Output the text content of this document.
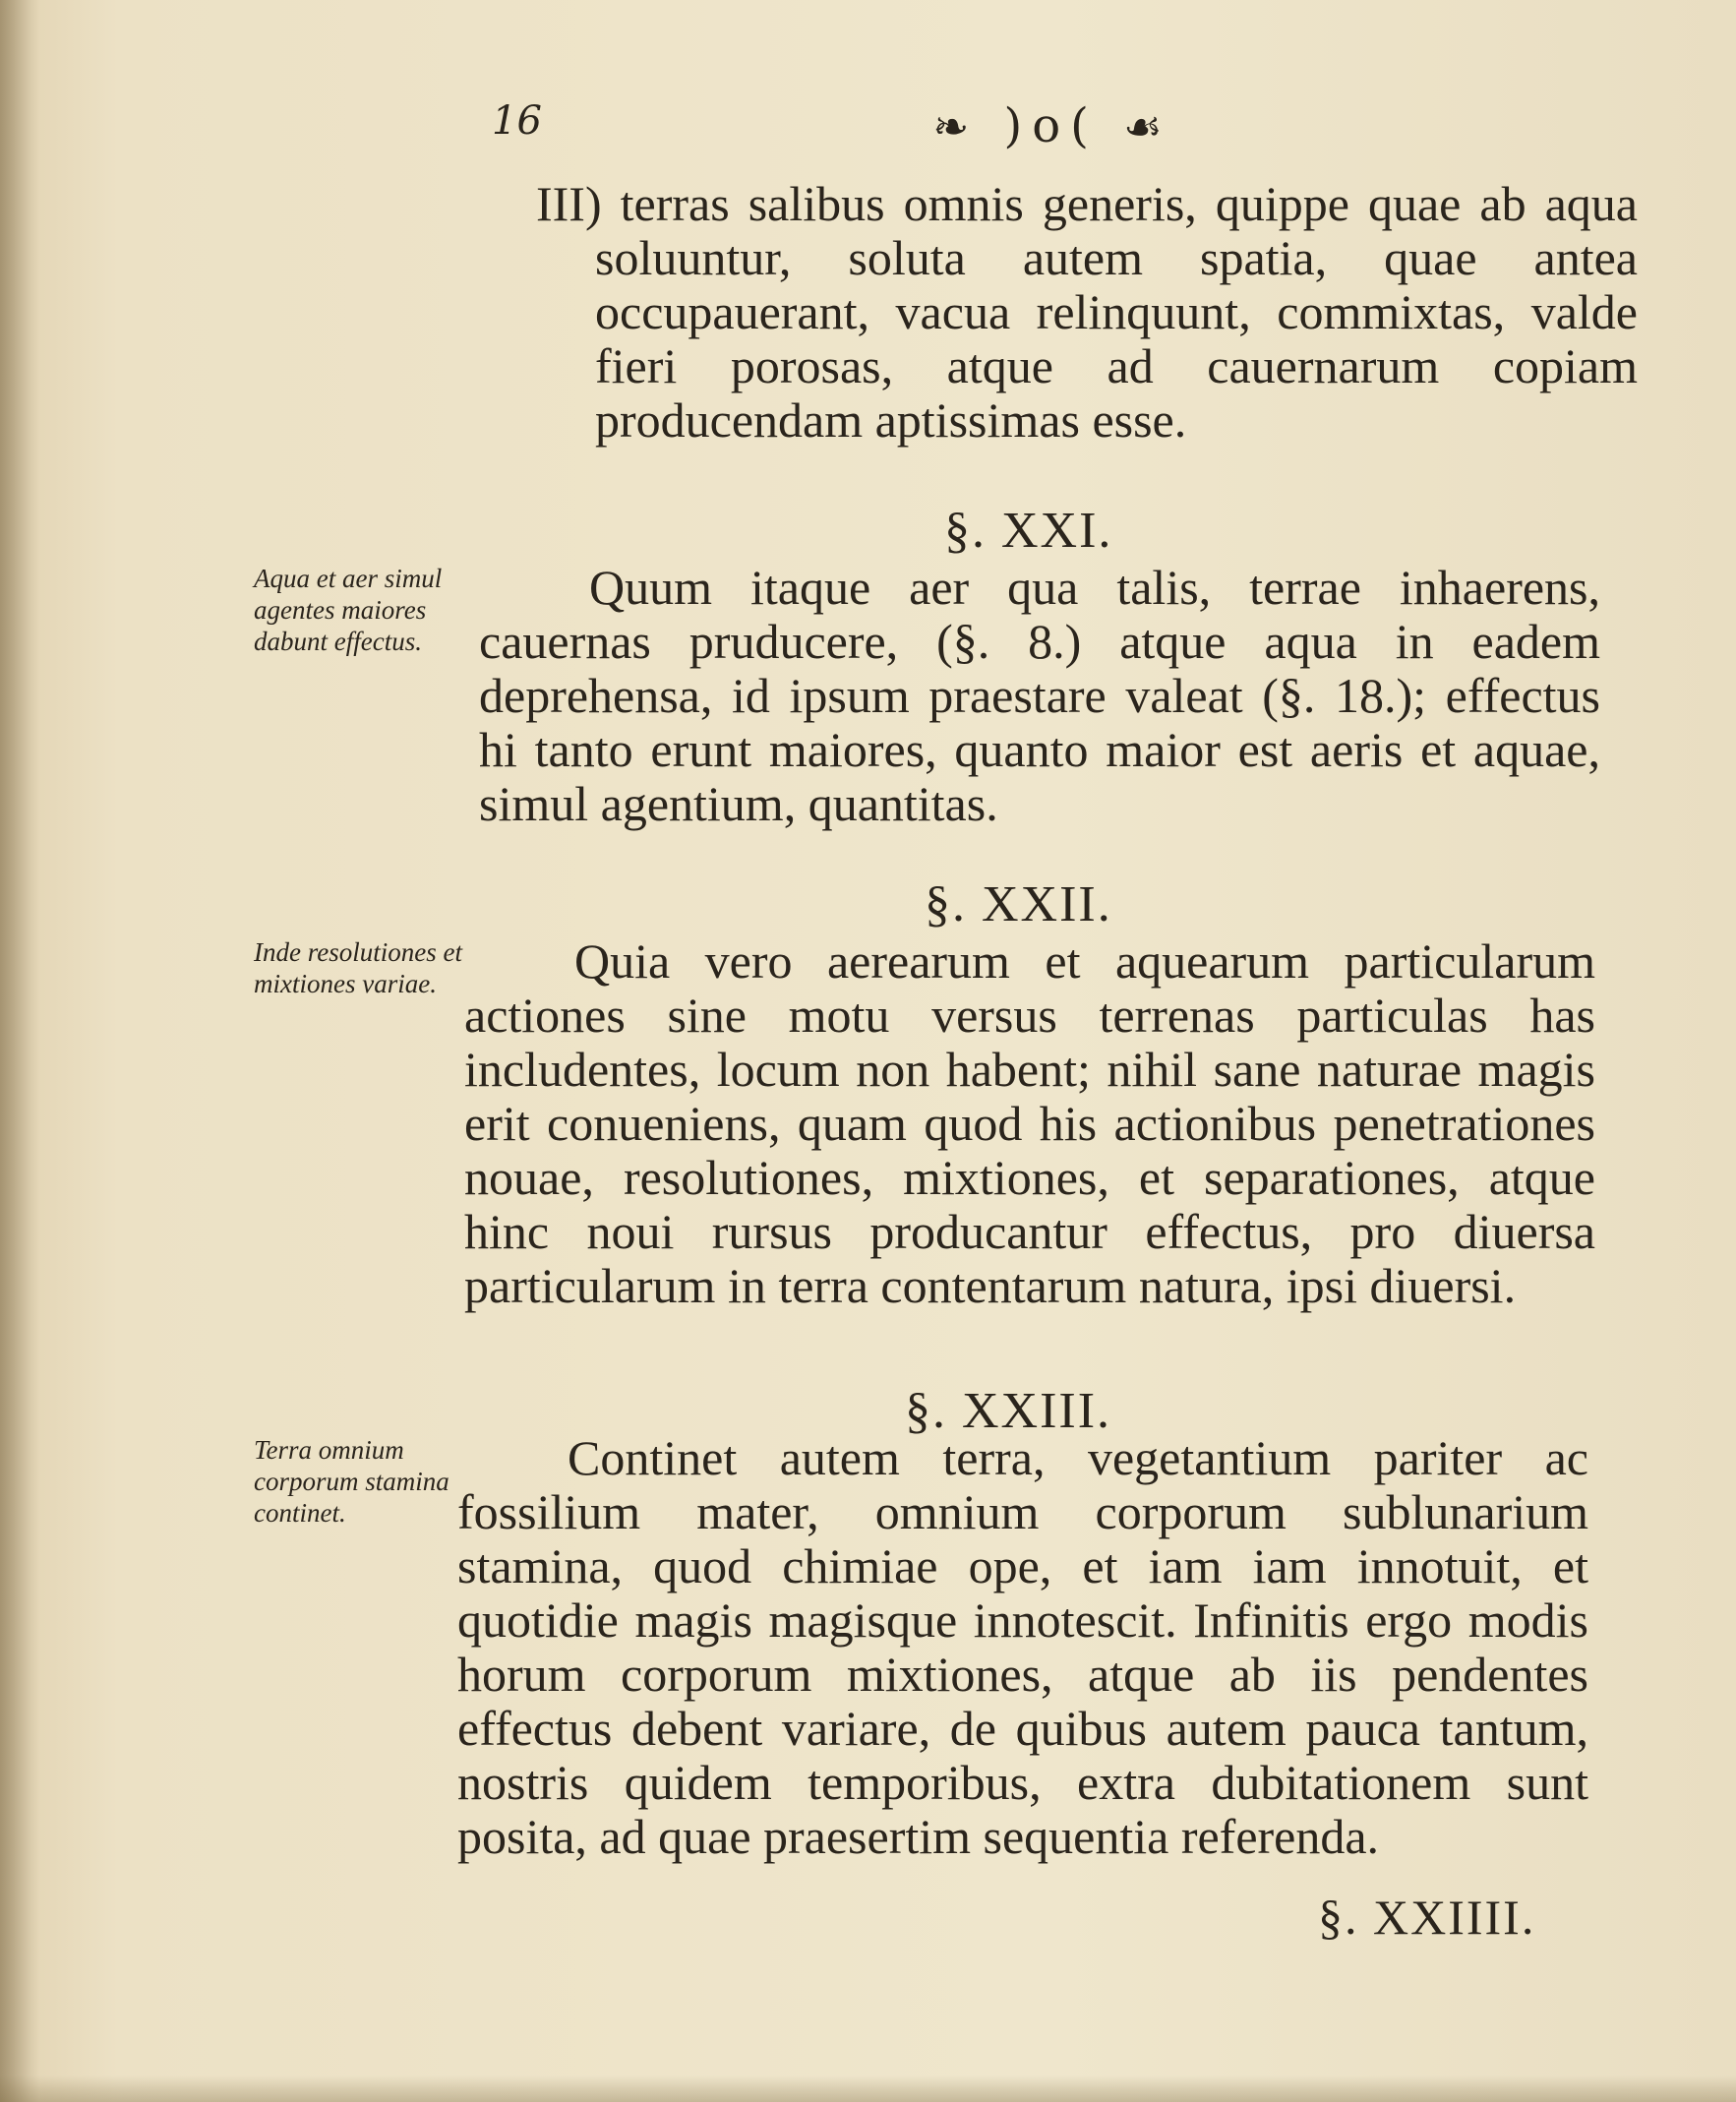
16	❧ )o( ☙

III) terras salibus omnis generis, quippe quae ab aqua soluuntur, soluta autem spatia, quae antea occupauerant, vacua relinquunt, commixtas, valde fieri porosas, atque ad cauernarum copiam producendam aptissimas esse.

§. XXI.
Aqua et aer simul agentes maiores dabunt effectus.

Quum itaque aer qua talis, terrae inhaerens, cauernas pruducere, (§. 8.) atque aqua in eadem deprehensa, id ipsum praestare valeat (§. 18.); effectus hi tanto erunt maiores, quanto maior est aeris et aquae, simul agentium, quantitas.

§. XXII.
Inde resolutiones et mixtiones variae.	Quia vero aerearum et aquearum particularum actiones sine motu versus terrenas particulas has includentes, locum non habent; nihil sane naturae magis erit conueniens, quam quod his actionibus penetrationes nouae, resolutiones, mixtiones, et separationes, atque hinc noui rursus producantur effectus, pro diuersa particularum in terra contentarum natura, ipsi diuersi.

§. XXIII.
Terra omnium corporum stamina continet.

Continet autem terra, vegetantium pariter ac fossilium mater, omnium corporum sublunarium stamina, quod chimiae ope, et iam iam innotuit, et quotidie magis magisque innotescit. Infinitis ergo modis horum corporum mixtiones, atque ab iis pendentes effectus debent variare, de quibus autem pauca tantum, nostris quidem temporibus, extra dubitationem sunt posita, ad quae praesertim sequentia referenda.

§. XXIIII.
